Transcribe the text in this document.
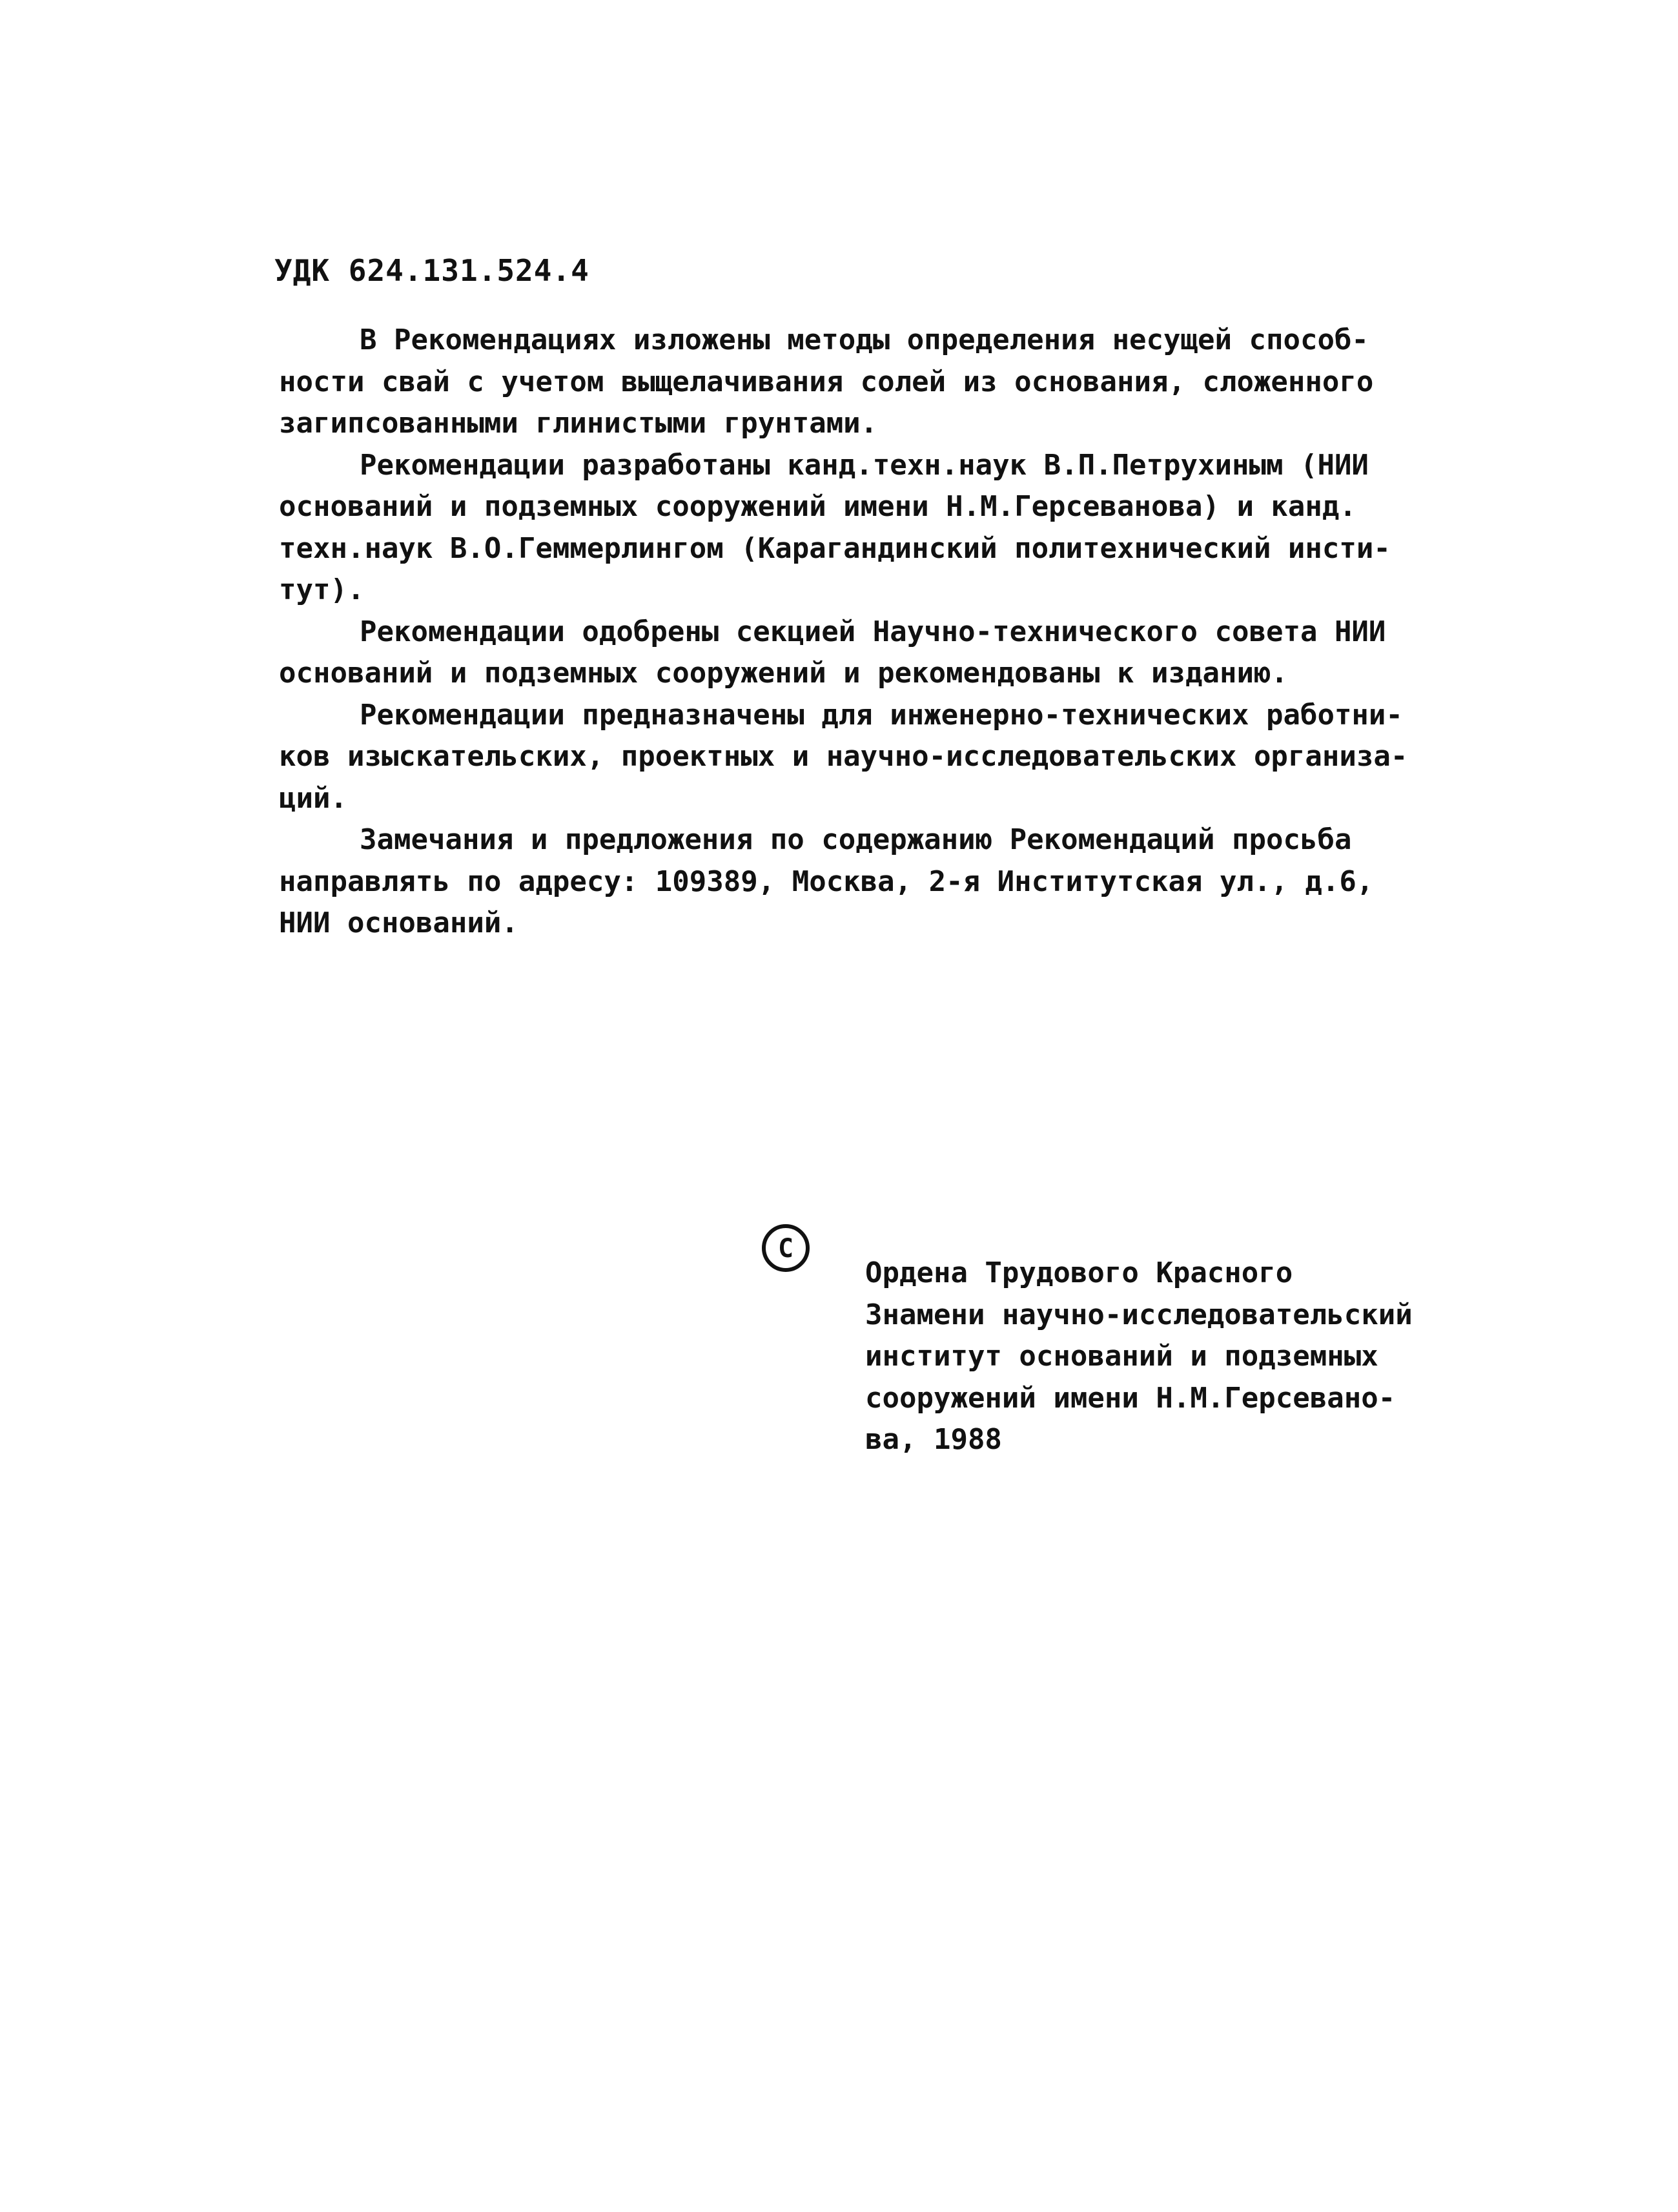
УДК 624.131.524.4

В Рекомендациях изложены методы определения несущей способ-
ности свай с учетом выщелачивания солей из основания, сложенного
загипсованными глинистыми грунтами.
Рекомендации разработаны канд.техн.наук В.П.Петрухиным (НИИ
оснований и подземных сооружений имени Н.М.Герсеванова) и канд.
техн.наук В.О.Геммерлингом (Карагандинский политехнический инсти-
тут).
Рекомендации одобрены секцией Научно-технического совета НИИ
оснований и подземных сооружений и рекомендованы к изданию.
Рекомендации предназначены для инженерно-технических работни-
ков изыскательских, проектных и научно-исследовательских организа-
ций.
Замечания и предложения по содержанию Рекомендаций просьба
направлять по адресу: 109389, Москва, 2-я Институтская ул., д.6,
НИИ оснований.
C
Ордена Трудового Красного
Знамени научно-исследовательский
институт оснований и подземных
сооружений имени Н.М.Герсевано-
ва, 1988
